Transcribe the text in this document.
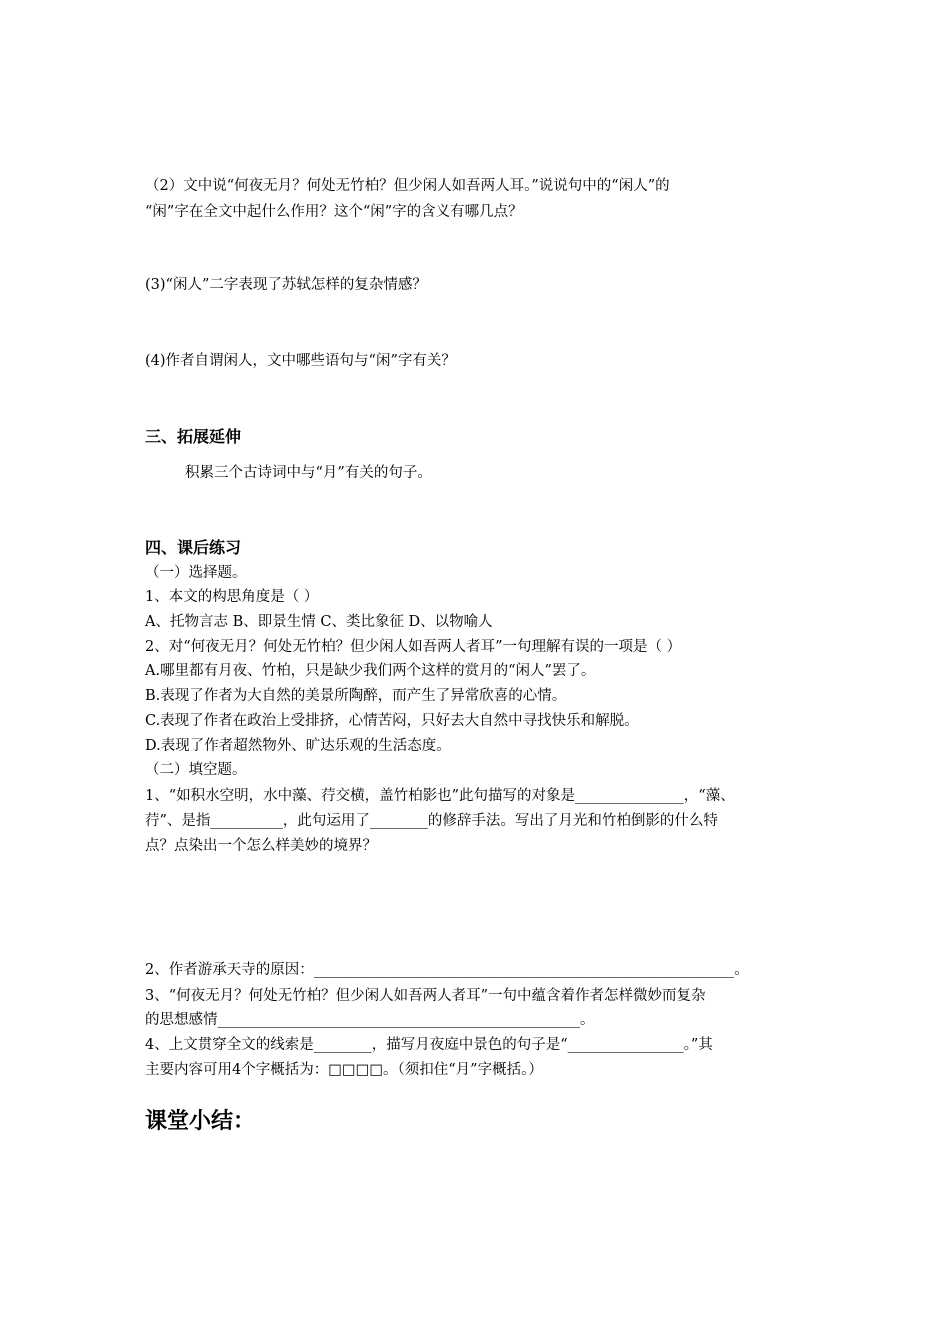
（2）文中说“何夜无月？何处无竹柏？但少闲人如吾两人耳。”说说句中的“闲人”的
“闲”字在全文中起什么作用？这个“闲”字的含义有哪几点？
(3)“闲人”二字表现了苏轼怎样的复杂情感？
(4)作者自谓闲人，文中哪些语句与“闲”字有关？
三、拓展延伸
积累三个古诗词中与“月”有关的句子。
四、课后练习
（一）选择题。
1、本文的构思角度是（ ）
A、托物言志 B、即景生情 C、类比象征 D、以物喻人
2、对“何夜无月？何处无竹柏？但少闲人如吾两人者耳”一句理解有误的一项是（ ）
A.哪里都有月夜、竹柏，只是缺少我们两个这样的赏月的“闲人”罢了。
B.表现了作者为大自然的美景所陶醉，而产生了异常欣喜的心情。
C.表现了作者在政治上受排挤，心情苦闷，只好去大自然中寻找快乐和解脱。
D.表现了作者超然物外、旷达乐观的生活态度。
（二）填空题。
1、“如积水空明，水中藻、荇交横，盖竹柏影也”此句描写的对象是_______________，“藻、
荇”、是指__________，此句运用了________的修辞手法。写出了月光和竹柏倒影的什么特
点？点染出一个怎么样美妙的境界？
2、作者游承天寺的原因：__________________________________________________________。
3、“何夜无月？何处无竹柏？但少闲人如吾两人者耳”一句中蕴含着作者怎样微妙而复杂
的思想感情__________________________________________________。
4、上文贯穿全文的线索是________，描写月夜庭中景色的句子是“________________。”其
主要内容可用4个字概括为：□□□□。（须扣住“月”字概括。）
课堂小结：
